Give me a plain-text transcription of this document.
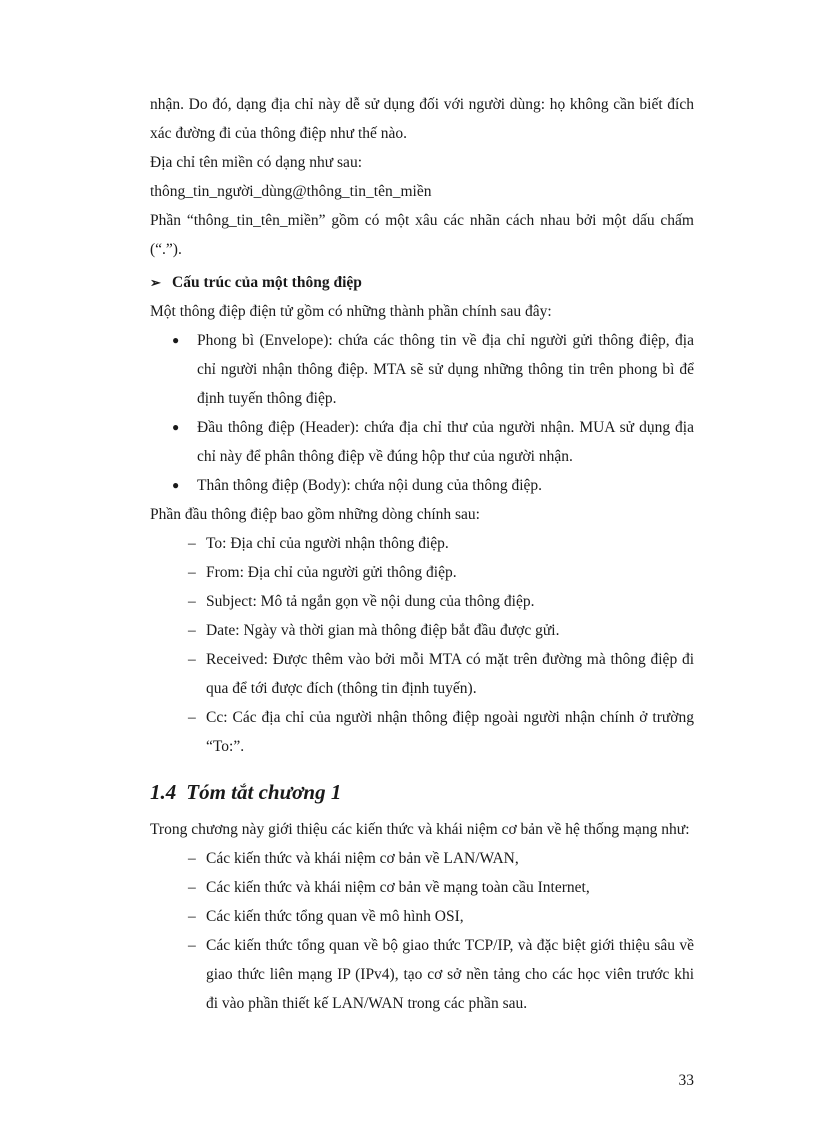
nhận. Do đó, dạng địa chỉ này dễ sử dụng đối với người dùng: họ không cần biết đích xác đường đi của thông điệp như thế nào.

Địa chỉ tên miền có dạng như sau:

thông_tin_người_dùng@thông_tin_tên_miền

Phần “thông_tin_tên_miền” gồm có một xâu các nhãn cách nhau bởi một dấu chấm (“.”).

➢ Cấu trúc của một thông điệp

Một thông điệp điện tử gồm có những thành phần chính sau đây:

● Phong bì (Envelope): chứa các thông tin về địa chỉ người gửi thông điệp, địa chỉ người nhận thông điệp. MTA sẽ sử dụng những thông tin trên phong bì để định tuyến thông điệp.
● Đầu thông điệp (Header): chứa địa chỉ thư của người nhận. MUA sử dụng địa chỉ này để phân thông điệp về đúng hộp thư của người nhận.
● Thân thông điệp (Body): chứa nội dung của thông điệp.

Phần đầu thông điệp bao gồm những dòng chính sau:

– To: Địa chỉ của người nhận thông điệp.
– From: Địa chỉ của người gửi thông điệp.
– Subject: Mô tả ngắn gọn về nội dung của thông điệp.
– Date: Ngày và thời gian mà thông điệp bắt đầu được gửi.
– Received: Được thêm vào bởi mỗi MTA có mặt trên đường mà thông điệp đi qua để tới được đích (thông tin định tuyến).
– Cc: Các địa chỉ của người nhận thông điệp ngoài người nhận chính ở trường “To:”.
1.4 Tóm tắt chương 1

Trong chương này giới thiệu các kiến thức và khái niệm cơ bản về hệ thống mạng như:

– Các kiến thức và khái niệm cơ bản về LAN/WAN,
– Các kiến thức và khái niệm cơ bản về mạng toàn cầu Internet,
– Các kiến thức tổng quan về mô hình OSI,
– Các kiến thức tổng quan về bộ giao thức TCP/IP, và đặc biệt giới thiệu sâu về giao thức liên mạng IP (IPv4), tạo cơ sở nền tảng cho các học viên trước khi đi vào phần thiết kế LAN/WAN trong các phần sau.
33
